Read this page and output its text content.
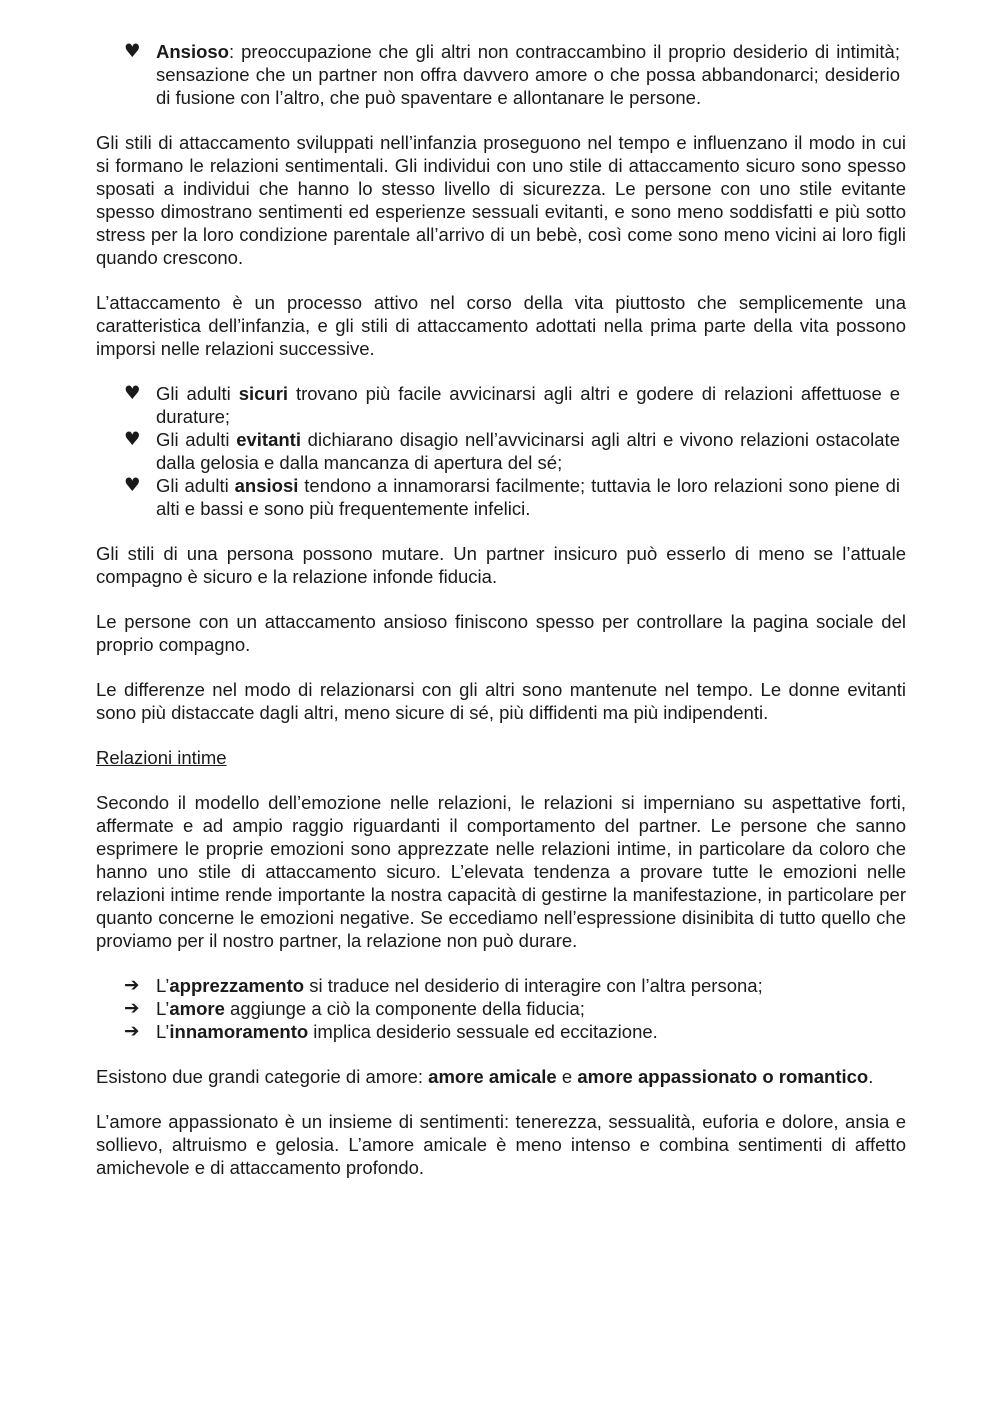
♥ Ansioso: preoccupazione che gli altri non contraccambino il proprio desiderio di intimità; sensazione che un partner non offra davvero amore o che possa abbandonarci; desiderio di fusione con l’altro, che può spaventare e allontanare le persone.

Gli stili di attaccamento sviluppati nell’infanzia proseguono nel tempo e influenzano il modo in cui si formano le relazioni sentimentali. Gli individui con uno stile di attaccamento sicuro sono spesso sposati a individui che hanno lo stesso livello di sicurezza. Le persone con uno stile evitante spesso dimostrano sentimenti ed esperienze sessuali evitanti, e sono meno soddisfatti e più sotto stress per la loro condizione parentale all’arrivo di un bebè, così come sono meno vicini ai loro figli quando crescono.

L’attaccamento è un processo attivo nel corso della vita piuttosto che semplicemente una caratteristica dell’infanzia, e gli stili di attaccamento adottati nella prima parte della vita possono imporsi nelle relazioni successive.

♥ Gli adulti sicuri trovano più facile avvicinarsi agli altri e godere di relazioni affettuose e durature;
♥ Gli adulti evitanti dichiarano disagio nell’avvicinarsi agli altri e vivono relazioni ostacolate dalla gelosia e dalla mancanza di apertura del sé;
♥ Gli adulti ansiosi tendono a innamorarsi facilmente; tuttavia le loro relazioni sono piene di alti e bassi e sono più frequentemente infelici.

Gli stili di una persona possono mutare. Un partner insicuro può esserlo di meno se l’attuale compagno è sicuro e la relazione infonde fiducia.

Le persone con un attaccamento ansioso finiscono spesso per controllare la pagina sociale del proprio compagno.

Le differenze nel modo di relazionarsi con gli altri sono mantenute nel tempo. Le donne evitanti sono più distaccate dagli altri, meno sicure di sé, più diffidenti ma più indipendenti.

Relazioni intime

Secondo il modello dell’emozione nelle relazioni, le relazioni si imperniano su aspettative forti, affermate e ad ampio raggio riguardanti il comportamento del partner. Le persone che sanno esprimere le proprie emozioni sono apprezzate nelle relazioni intime, in particolare da coloro che hanno uno stile di attaccamento sicuro. L’elevata tendenza a provare tutte le emozioni nelle relazioni intime rende importante la nostra capacità di gestirne la manifestazione, in particolare per quanto concerne le emozioni negative. Se eccediamo nell’espressione disinibita di tutto quello che proviamo per il nostro partner, la relazione non può durare.

➔ L’apprezzamento si traduce nel desiderio di interagire con l’altra persona;
➔ L’amore aggiunge a ciò la componente della fiducia;
➔ L’innamoramento implica desiderio sessuale ed eccitazione.

Esistono due grandi categorie di amore: amore amicale e amore appassionato o romantico.

L’amore appassionato è un insieme di sentimenti: tenerezza, sessualità, euforia e dolore, ansia e sollievo, altruismo e gelosia. L’amore amicale è meno intenso e combina sentimenti di affetto amichevole e di attaccamento profondo.
